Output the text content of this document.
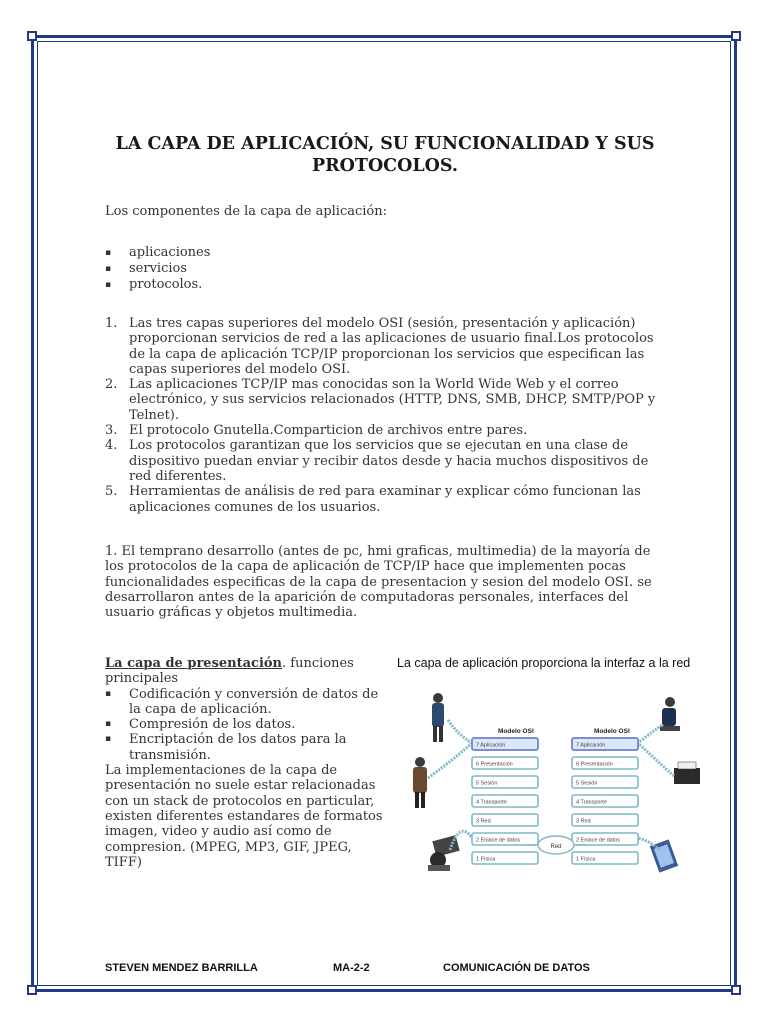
LA CAPA DE APLICACIÓN, SU FUNCIONALIDAD Y SUS PROTOCOLOS.
Los componentes de la capa de aplicación:
▪ aplicaciones
▪ servicios
▪ protocolos.
1. Las tres capas superiores del modelo OSI (sesión, presentación y aplicación) proporcionan servicios de red a las aplicaciones de usuario final.Los protocolos de la capa de aplicación TCP/IP proporcionan los servicios que especifican las capas superiores del modelo OSI.
2. Las aplicaciones TCP/IP mas conocidas son la World Wide Web y el correo electrónico, y sus servicios relacionados (HTTP, DNS, SMB, DHCP, SMTP/POP y Telnet).
3. El protocolo Gnutella.Comparticion de archivos entre pares.
4. Los protocolos garantizan que los servicios que se ejecutan en una clase de dispositivo puedan enviar y recibir datos desde y hacia muchos dispositivos de red diferentes.
5. Herramientas de análisis de red para examinar y explicar cómo funcionan las aplicaciones comunes de los usuarios.
1. El temprano desarrollo (antes de pc, hmi graficas, multimedia) de la mayoría de los protocolos de la capa de aplicación de TCP/IP hace que implementen pocas funcionalidades especificas de la capa de presentacion y sesion del modelo OSI. se desarrollaron antes de la aparición de computadoras personales, interfaces del usuario gráficas y objetos multimedia.
La capa de presentación. funciones principales
▪ Codificación y conversión de datos de la capa de aplicación.
▪ Compresión de los datos.
▪ Encriptación de los datos para la transmisión.
La implementaciones de la capa de presentación no suele estar relacionadas con un stack de protocolos en particular, existen diferentes estandares de formatos imagen, video y audio así como de compresion. (MPEG, MP3, GIF, JPEG, TIFF)
La capa de aplicación proporciona la interfaz a la red
Modelo OSI	Modelo OSI
7 Aplicación
6 Presentación
5 Sesión
4 Transporte
3 Red
2 Enlace de datos
1 Física
7 Aplicación
6 Presentación
5 Sesión
4 Transporte
3 Red
2 Enlace de datos
1 Física
Red
STEVEN MENDEZ BARRILLA	MA-2-2	COMUNICACIÓN DE DATOS
